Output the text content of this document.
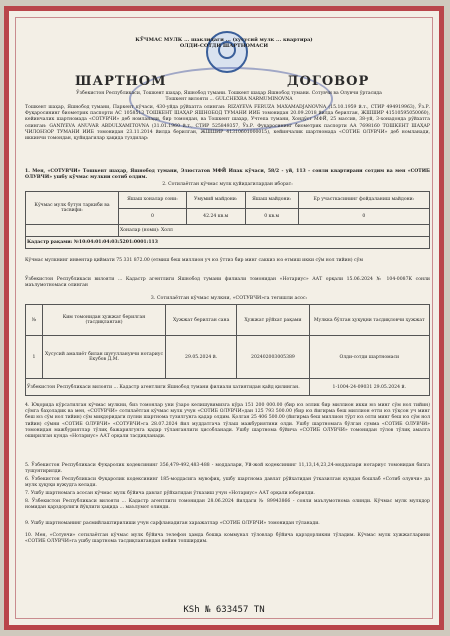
КЎЧМАС МУЛК ... шаклидаги ... (хусусий мулк ... квартира)
ОЛДИ-СОТДИ ШАРТНОМАСИ
ШАРТНОМ	ДОГОВОР
Ўзбекистон Республикаси, Тошкент шаҳар, Яшнобод тумани. Тошкент шаҳар Яшнобод тумани. Сотувчи ва Олувчи ўртасида Тошкент вилояти ... GULCHEXRA NARMUMINOVNA
Тошкент шаҳар, Яшнобод тумани, Паркент кўчаси, 430-уйда рўйхатга олинган: RIZAYEVA FERUZA MAXAMADJANOVNA (15.10.1959 й.т., СТИР 494919963), Ўз.Р. Фуқаросининг биометрик паспорти АС 1058513 ТОШКЕНТ ШАҲАР ЯШНОБОД ТУМАНИ ИИБ томонидан 20.09.2018 йилда берилган, ЖШШИР 41510595050060), кейинчалик шартномада «СОТУВЧИ» деб номланади, бир томондан, ва Тошкент шаҳар, Учтепа тумани, Хондўст МФЙ, 25 массив, 38-уй, 3-хонадонда рўйхатга олинган: GANIYEVA ANUVAR ABDULXAMITOVNA (31.01.1960 й.т., СТИР 525849357, Ўз.Р. Фуқаросининг биометрик паспорти АА 7698160 ТОШКЕНТ ШАҲАР ЧИЛОНЗОР ТУМАНИ ИИБ томонидан 23.11.2014 йилда берилган, ЖШШИР 41310601000015), кейинчалик шартномада «СОТИБ ОЛУВЧИ» деб номланади, иккинчи томондан, қуйидагилар ҳақида туздилар:
1. Мен, «СОТУВЧИ» Тошкент шаҳар, Яшнобод тумани, Элюстатов МФЙ Ипак кўчаси, 58/2 - уй, 113 - сонли квартирани сотдим ва мен «СОТИБ ОЛУВЧИ» ушбу кўчмас мулкни сотиб олдим.
2. Сотилаётган кўчмас мулк қуйидагилардан иборат:
Кўчмас мулк бутун таркиби ва тасвифи:	Яшаш хоналар сони:	Умумий майдони:	Яшаш майдони:	Ер участкасининг фойдаланиш майдони:
	0	42.24 кв.м	0 кв.м	0
	Хоналар (номи): Холл			
Кадастр рақами: №10:04:01:04:03:5201:0001:113				
Кўчмас мулкнинг инвентар қиймати 75 331 872.00 (етмиш беш миллион уч юз ўттиз бир минг саккиз юз етмиш икки сўм нол тийин) сўм
Ўзбекистон Республикаси вилояти ... Кадастр агентлиги Яшнобод тумани филиали томонидан «Нотариус» ААТ орқали 15.06.2024 № 104-0087К сонли маълумотномаси олинган
3. Сотилаётган кўчмас мулкни, «СОТУВЧИ»га тегишли асос:
№	Ким томонидан ҳужжат берилган (тасдиқланган)	Ҳужжат берилган сана	Ҳужжат рўйхат рақами	Мулкка бўлган ҳуқуқни тасдиқловчи ҳужжат
1	Хусусий амалиёт билан шуғулланувчи нотариус Екубов Д.М.	29.05.2024 й.	202402003005389	Олди-сотди шартномаси
Ўзбекистон Республикаси вилояти ... Кадастр агентлиги Яшнобод тумани филиали хатиятидан қайд қилинган.				1-1004-24-09031 29.05.2024 й.
4. Юқорида кўрсатилган кўчмас мулкни, биз томонлар уни ўзаро келишувимизга кўра 151 200 000.00 (бир юз эллик бир миллион икки юз минг сўм нол тийин) сўмга баҳоладик ва мен, «СОТУВЧИ» сотилаётган кўчмас мулк учун «СОТИБ ОЛУВЧИ»дан 125 793 500.00 (бир юз йигирма беш миллион етти юз тўқсон уч минг беш юз сўм нол тийин) сўм миқдоридаги пулни шартнома тузилгунга қадар олдим. Қолган 25 406 500.00 (йигирма беш миллион тўрт юз олти минг беш юз сўм нол тийин) сўмни «СОТИБ ОЛУВЧИ» «СОТУВЧИ»га 28.07.2024 йил муддатгача тўлаш мажбуриятини олди. Ушбу шартномага бўлган сумма «СОТИБ ОЛУВЧИ» томонидан мажбуриятлар тўлиқ бажарилгунга қадар тўланганлиги ҳисобланади. Ушбу шартнома бўйича «СОТИБ ОЛУВЧИ» томонидан тўлов тўлиқ амалга оширилган кунда «Нотариус» ААТ орқали тасдиқланади.
5. Ўзбекистон Республикаси Фуқаролик кодексининг 356,479-492,483-488 - моддалари, Уй-жой кодексининг 11,13,14,23,24-моддалари нотариус томонидан бизга тушунтирилди.
6. Ўзбекистон Республикаси Фуқаролик кодексининг 185-моддасига мувофиқ, ушбу шартнома давлат рўйхатидан ўтказилган кундан бошлаб «Сотиб олувчи» да мулк ҳуқуқи вужудга келади.
7. Ушбу шартномага асосан кўчмас мулк бўйича давлат рўйхатидан ўтказиш учун «Нотариус» ААТ орқали юборилди.
8. Ўзбекистон Республикаси вилояти ... Кадастр агентлиги томонидан 28.06.2024 йилдаги № 89943866 - сонли маълумотнома олинди. Кўчмас мулк мулкдор номидан қарздорлиги йўқлиги ҳақида ... маълумот олинди.
9. Ушбу шартноманинг расмийлаштирилиши учун сарфланадиган харажатлар «СОТИБ ОЛУВЧИ» томонидан тўланади.
10. Мен, «Сотувчи» сотилаётган кўчмас мулк бўйича телефон ҳамда бошқа коммунал тўловлар бўйича қарздорликни тўладим. Кўчмас мулк хужжатларини «СОТИБ ОЛУВЧИ»га ушбу шартнома тасдиқлангандан кейин топширдим.
KSh № 633457 TN
